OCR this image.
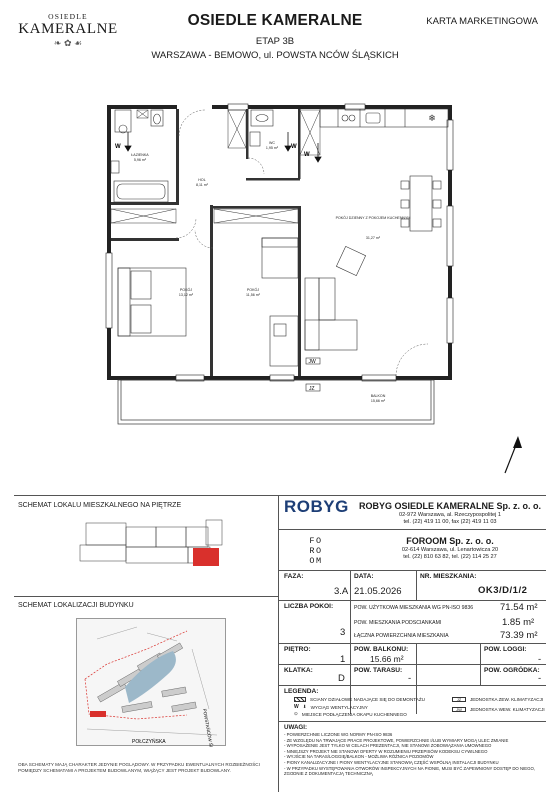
OSIEDLE
KAMERALNE
❧ ✿ ☙
OSIEDLE KAMERALNE
ETAP 3B
WARSZAWA - BEMOWO, ul. POWSTA NCÓW ŚLĄSKICH
KARTA MARKETINGOWA
❄
W	W
W
ŁAZIENKA
5,96 m²
WC
1,95 m²
HOL
8,11 m²
POKÓJ DZIENNY Z POKOJEM KUCHENNYM
31,27 m²
POKÓJ
13,12 m²
POKÓJ
11,56 m²
BALKON
15,66 m²
JZ
JW
SCHEMAT LOKALU MIESZKALNEGO NA PIĘTRZE
SCHEMAT LOKALIZACJI BUDYNKU
POŁCZYŃSKA	POWSTAŃCÓW ŚLĄSKICH
OBA SCHEMATY MAJĄ CHARAKTER JEDYNIE POGLĄDOWY. W PRZYPADKU EWENTUALNYCH ROZBIEŻNOŚCI POMIĘDZY SCHEMATAMI A PROJEKTEM BUDOWLANYM, WIĄŻĄCY JEST PROJEKT BUDOWLANY.
ROBYG	ROBYG OSIEDLE KAMERALNE Sp. z. o. o.
02-972 Warszawa, al. Rzeczypospolitej 1
tel. (22) 419 11 00, fax (22) 419 11 03
FO
RO
OM
FOROOM Sp. z. o. o.
02-614 Warszawa, ul. Lenartowicza 20
tel. (22) 810 63 82, tel. (22) 114 25 27
FAZA:
3.A
DATA:
21.05.2026
NR. MIESZKANIA:
OK3/D/1/2
LICZBA POKOI:
3
POW. UŻYTKOWA MIESZKANIA WG PN-ISO 9836	71.54 m²
POW. MIESZKANIA PODSCIANKAMI	1.85 m²
ŁĄCZNA POWIERZCHNIA MIESZKANIA	73.39 m²
PIĘTRO:
1
POW. BALKONU:
15.66 m²
POW. LOGGI:
-
KLATKA:
D
POW. TARASU:
-
POW. OGRÓDKA:
-
LEGENDA:
SCIANY DZIAŁOWE NADAJĄCE SIĘ DO DEMONTAŻU
W ⬇ WYCIĄG WENTYLACYJNY
⊙ MIEJSCE PODŁĄCZENIA OKAPU KUCHENNEGO
JZ	JEDNOSTKA ZEW. KLIMATYZACJI
JW	JEDNOSTKA WEW. KLIMATYZACJI
UWAGI:
- POWIERZCHNIE LICZONE WG NORMY PN-ISO 9836
- ZE WZGLĘDU NA TRWAJĄCE PRACE PROJEKTOWE, POWIERZCHNIE I/LUB WYMIARY MOGĄ ULEC ZMIANIE
- WYPOSAŻENIE JEST TYLKO W CELACH PREZENTACJI, NIE STANOWI ZOBOWIĄZANIA UMOWNEGO
- NINIEJSZY PROJEKT NIE STANOWI OFERTY W ROZUMIENIU PRZEPISÓW KODEKSU CYWILNEGO
- WYJŚCIE NA TARAS/LOGGIĘ/BALKON - MOŻLIWA RÓŻNICA POZIOMÓW
- PIONY KANALIZACYJNE I PIONY WENTYLACYJNE STANOWIĄ CZĘŚĆ WSPÓLNĄ INSTALACJI BUDYNKU
- W PRZYPADKU WYSTĘPOWANIA OTWORÓW INSPEKCYJNYCH NA PIONIE, MUSI BYĆ ZAPEWNIONY DOSTĘP DO NIEGO, ZGODNIE Z DOKUMENTACJĄ TECHNICZNĄ
